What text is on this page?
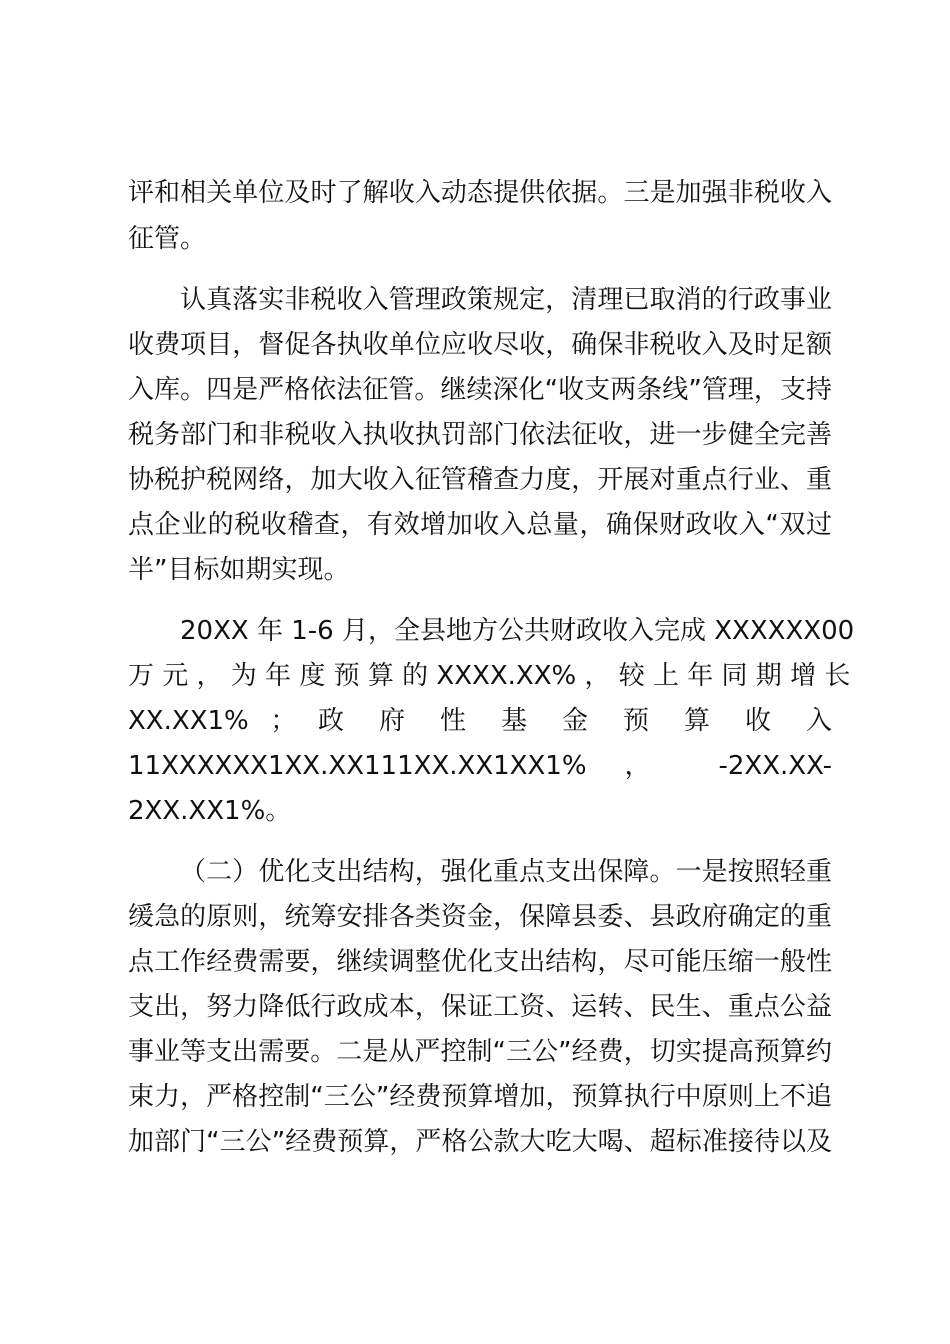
评和相关单位及时了解收入动态提供依据。三是加强非税收入

征管。

认真落实非税收入管理政策规定，清理已取消的行政事业

收费项目，督促各执收单位应收尽收，确保非税收入及时足额

入库。四是严格依法征管。继续深化“收支两条线”管理，支持

税务部门和非税收入执收执罚部门依法征收，进一步健全完善

协税护税网络，加大收入征管稽查力度，开展对重点行业、重

点企业的税收稽查，有效增加收入总量，确保财政收入“双过

半”目标如期实现。

20XX 年 1-6 月，全县地方公共财政收入完成 XXXXXX00

万 元 ， 为 年 度 预 算 的 XXXX.XX% ， 较 上 年 同 期 增 长

XX.XX1% ； 政 府 性 基 金 预 算 收 入

11XXXXXX1XX.XX111XX.XX1XX1% ， -2XX.XX-

2XX.XX1%。

（二）优化支出结构，强化重点支出保障。一是按照轻重

缓急的原则，统筹安排各类资金，保障县委、县政府确定的重

点工作经费需要，继续调整优化支出结构，尽可能压缩一般性

支出，努力降低行政成本，保证工资、运转、民生、重点公益

事业等支出需要。二是从严控制“三公”经费，切实提高预算约

束力，严格控制“三公”经费预算增加，预算执行中原则上不追

加部门“三公”经费预算，严格公款大吃大喝、超标准接待以及
